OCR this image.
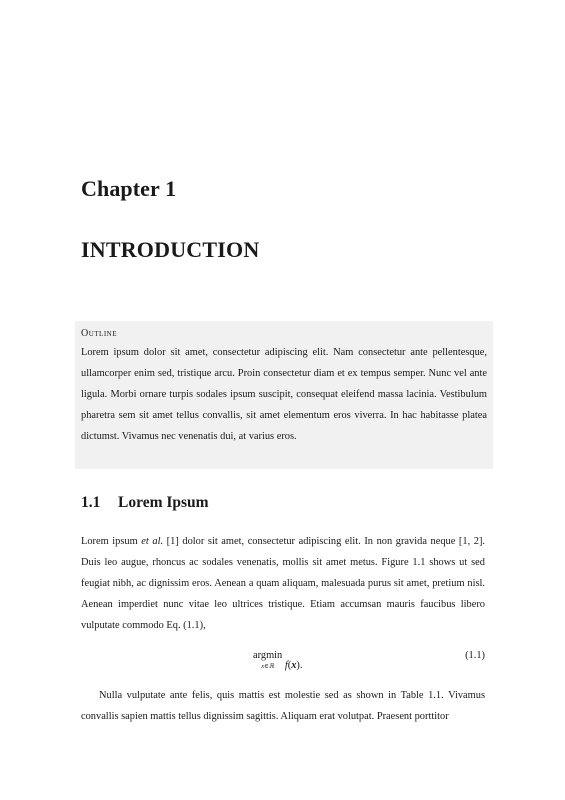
Chapter 1
INTRODUCTION
Outline
Lorem ipsum dolor sit amet, consectetur adipiscing elit. Nam consectetur ante pellentesque, ullamcorper enim sed, tristique arcu. Proin consectetur diam et ex tempus semper. Nunc vel ante ligula. Morbi ornare turpis sodales ipsum suscipit, consequat eleifend massa lacinia. Vestibulum pharetra sem sit amet tellus convallis, sit amet elementum eros viverra. In hac habitasse platea dictumst. Vivamus nec venenatis dui, at varius eros.
1.1 Lorem Ipsum
Lorem ipsum et al. [1] dolor sit amet, consectetur adipiscing elit. In non gravida neque [1, 2]. Duis leo augue, rhoncus ac sodales venenatis, mollis sit amet metus. Figure 1.1 shows ut sed feugiat nibh, ac dignissim eros. Aenean a quam aliquam, malesuada purus sit amet, pretium nisl. Aenean imperdiet nunc vitae leo ultrices tristique. Etiam accumsan mauris faucibus libero vulputate commodo Eq. (1.1),
argmin
x∈ℝ	f(x).
(1.1)
Nulla vulputate ante felis, quis mattis est molestie sed as shown in Table 1.1. Vivamus convallis sapien mattis tellus dignissim sagittis. Aliquam erat volutpat. Praesent porttitor
